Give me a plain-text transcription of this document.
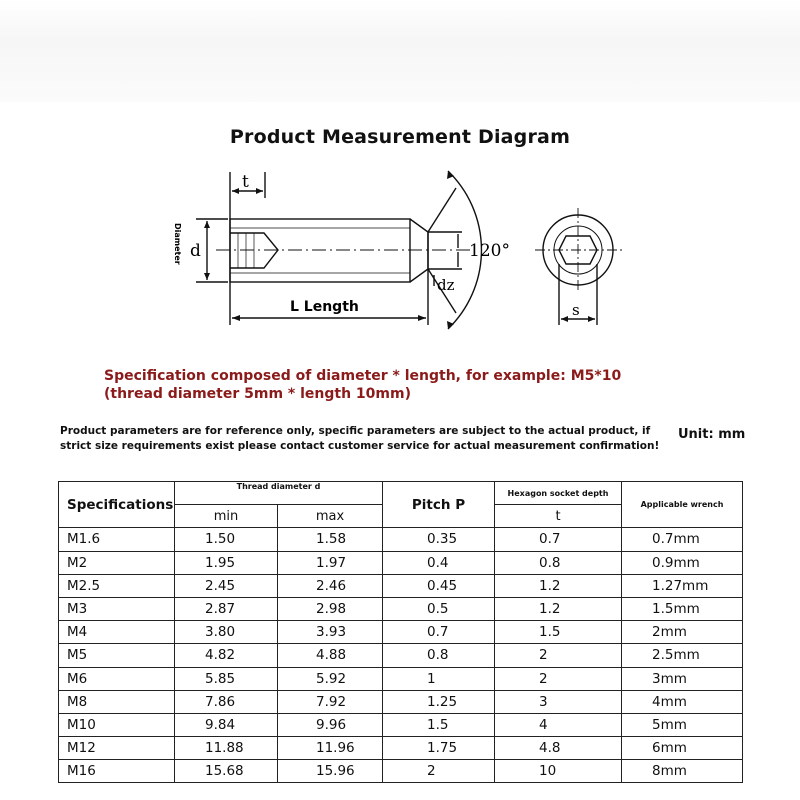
Product Measurement Diagram
t
Diameter d	120°
dz
L Length	s
Specification composed of diameter * length, for example: M5*10 (thread diameter 5mm * length 10mm)
Product parameters are for reference only, specific parameters are subject to the actual product, if strict size requirements exist please contact customer service for actual measurement confirmation!
Unit: mm
Specifications	Thread diameter d		Pitch P	Hexagon socket depth	Applicable wrench
	min	max		t	
M1.6	1.50	1.58	0.35	0.7	0.7mm
M2	1.95	1.97	0.4	0.8	0.9mm
M2.5	2.45	2.46	0.45	1.2	1.27mm
M3	2.87	2.98	0.5	1.2	1.5mm
M4	3.80	3.93	0.7	1.5	2mm
M5	4.82	4.88	0.8	2	2.5mm
M6	5.85	5.92	1	2	3mm
M8	7.86	7.92	1.25	3	4mm
M10	9.84	9.96	1.5	4	5mm
M12	11.88	11.96	1.75	4.8	6mm
M16	15.68	15.96	2	10	8mm
